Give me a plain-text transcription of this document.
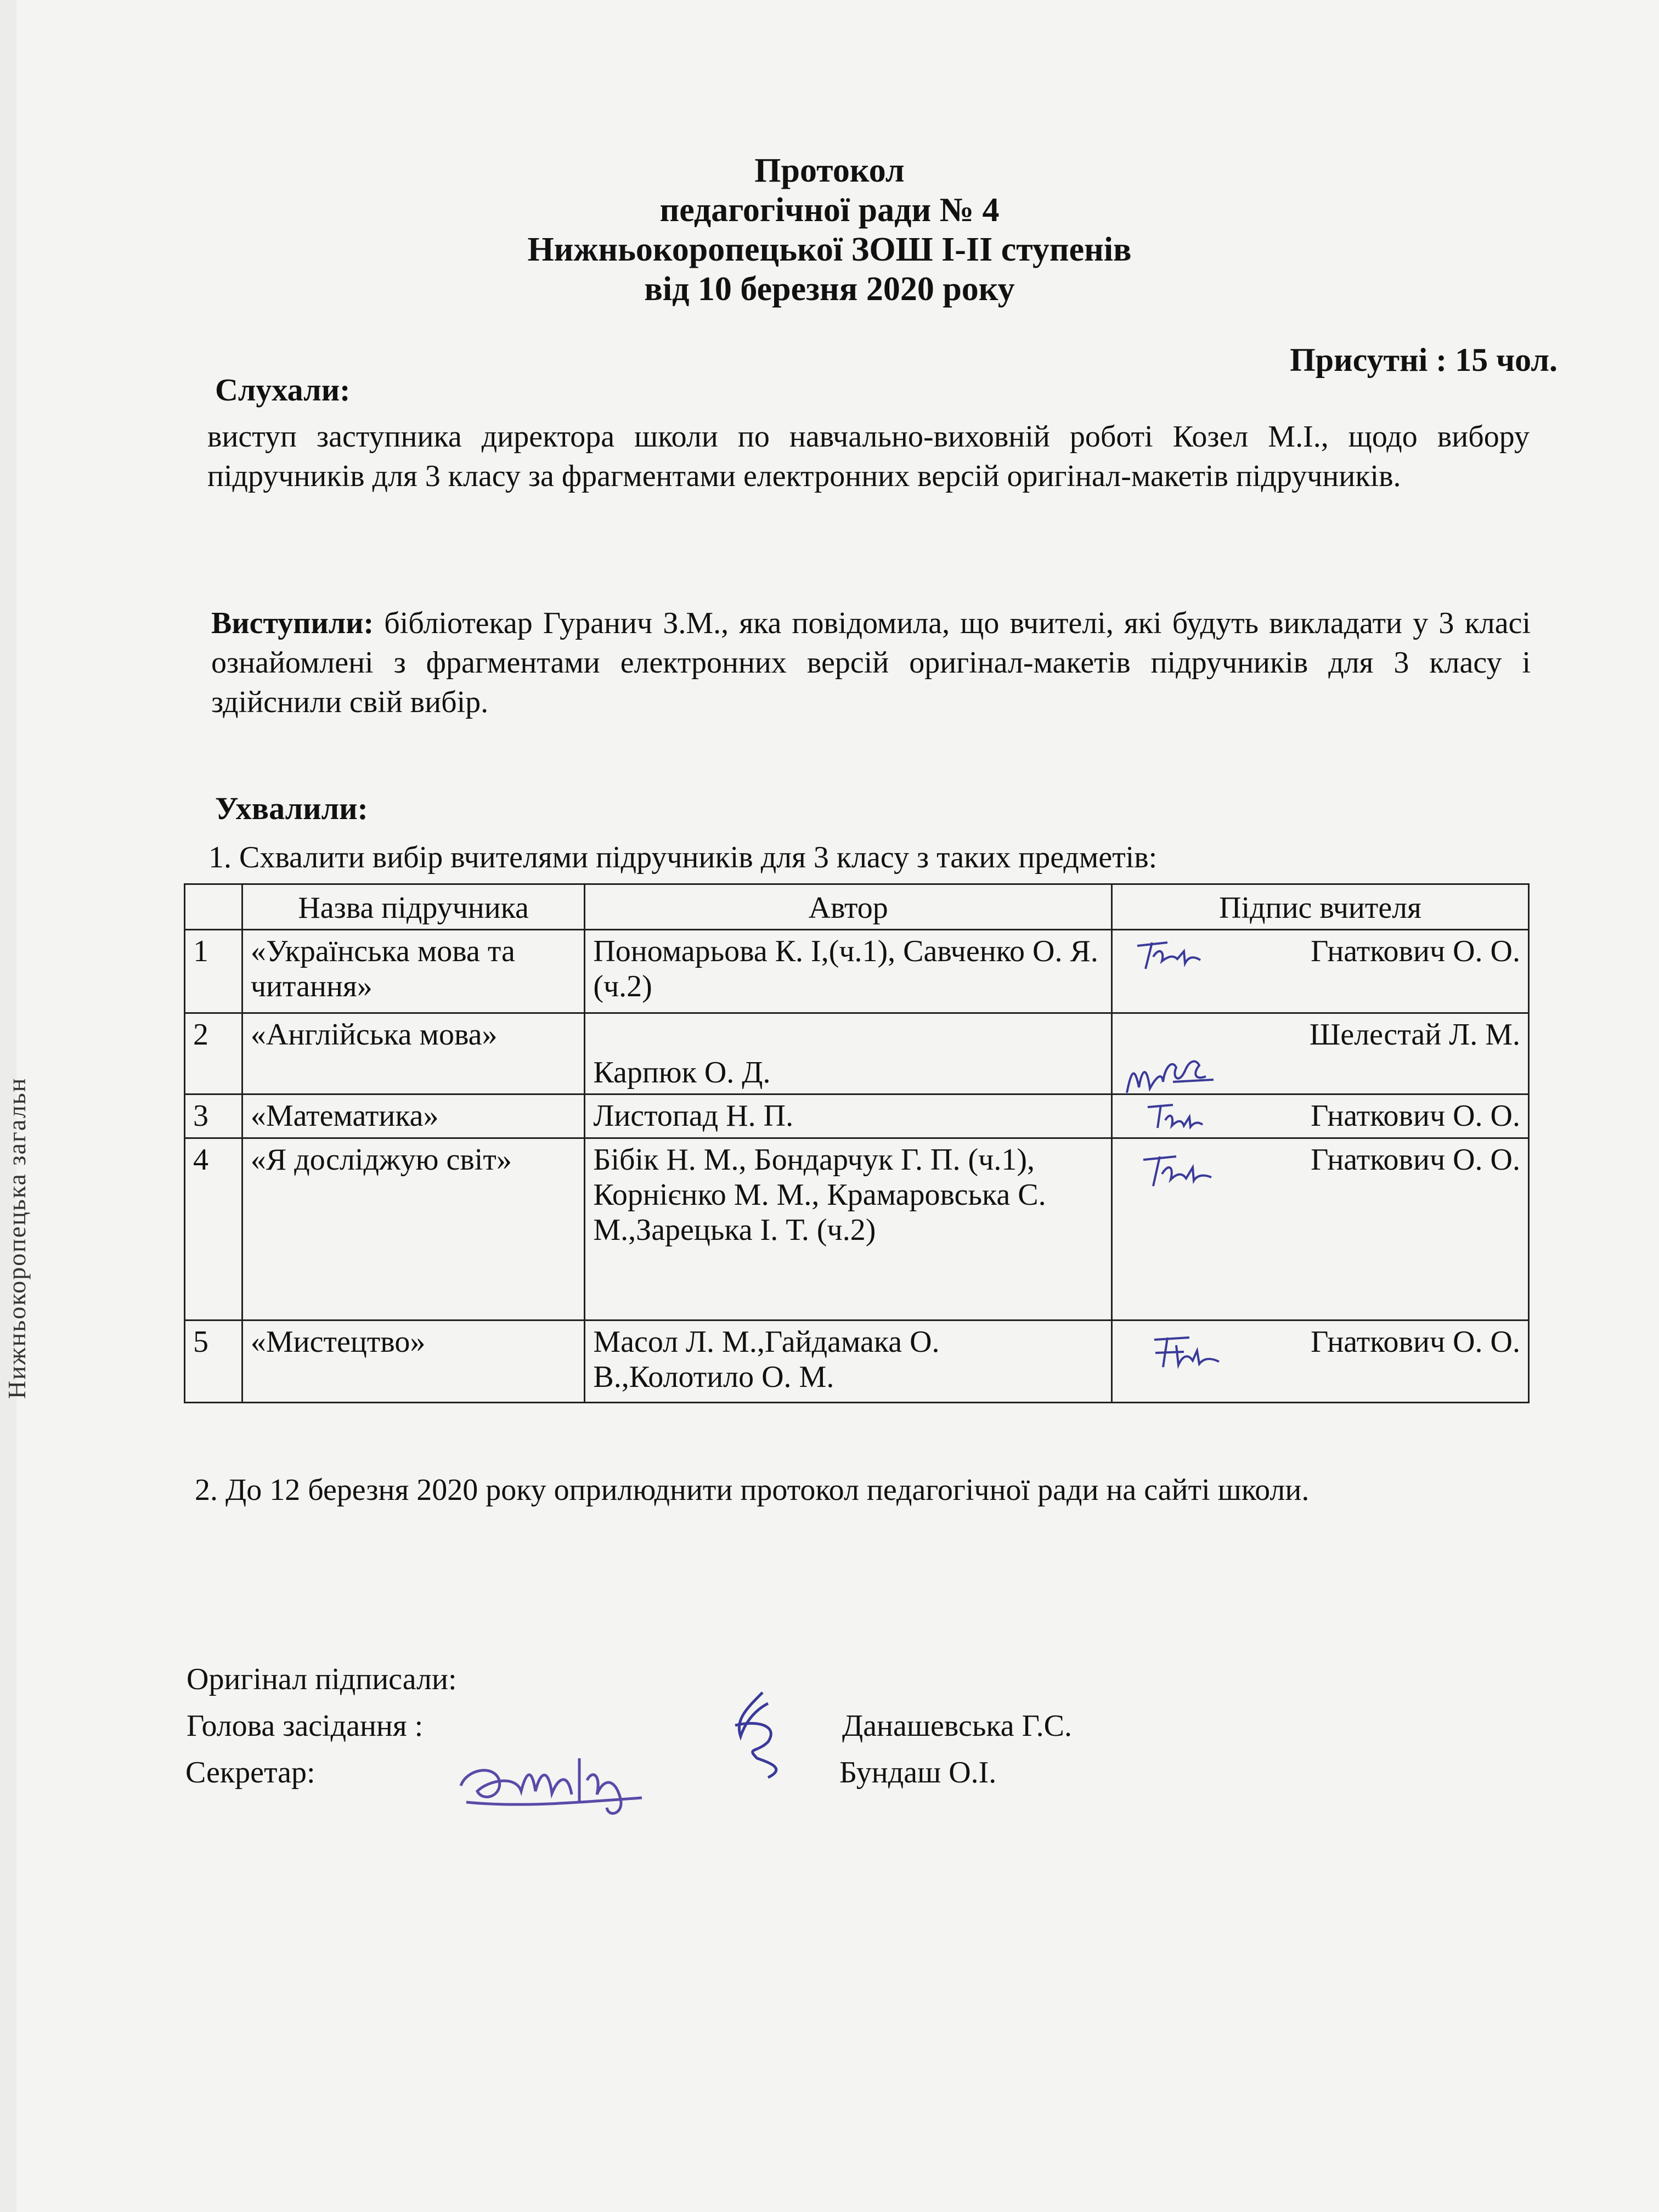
Нижньокоропецька загальн

Протокол

педагогічної ради № 4

Нижньокоропецької ЗОШ І-ІІ ступенів

від 10 березня 2020 року

Присутні : 15 чол.
Слухали:
виступ заступника директора школи по навчально-виховній роботі Козел М.І., щодо вибору підручників для 3 класу за фрагментами електронних версій оригінал-макетів підручників.
Виступили: бібліотекар Гуранич З.М., яка повідомила, що вчителі, які будуть викладати у 3 класі ознайомлені з фрагментами електронних версій оригінал-макетів підручників для 3 класу і здійснили свій вибір.
Ухвалили:
1. Схвалити вибір вчителями підручників для 3 класу з таких предметів:
	Назва підручника	Автор	Підпис вчителя
1	«Українська мова та читання»	Пономарьова К. І,(ч.1), Савченко О. Я. (ч.2)	Гнаткович О. О.
2	«Англійська мова»	Карпюк О. Д.	Шелестай Л. М.

3	«Математика»	Листопад Н. П.	Гнаткович О. О.
4	«Я досліджую світ»	Бібік Н. М., Бондарчук Г. П. (ч.1), Корнієнко М. М., Крамаровська С. М.,Зарецька І. Т. (ч.2)	Гнаткович О. О.
5	«Мистецтво»	Масол Л. М.,Гайдамака О. В.,Колотило О. М.	Гнаткович О. О.
2. До 12 березня 2020 року оприлюднити протокол педагогічної ради на сайті школи.
Оригінал підписали:
Голова засідання :	Данашевська Г.С.
Секретар:	Бундаш О.І.
